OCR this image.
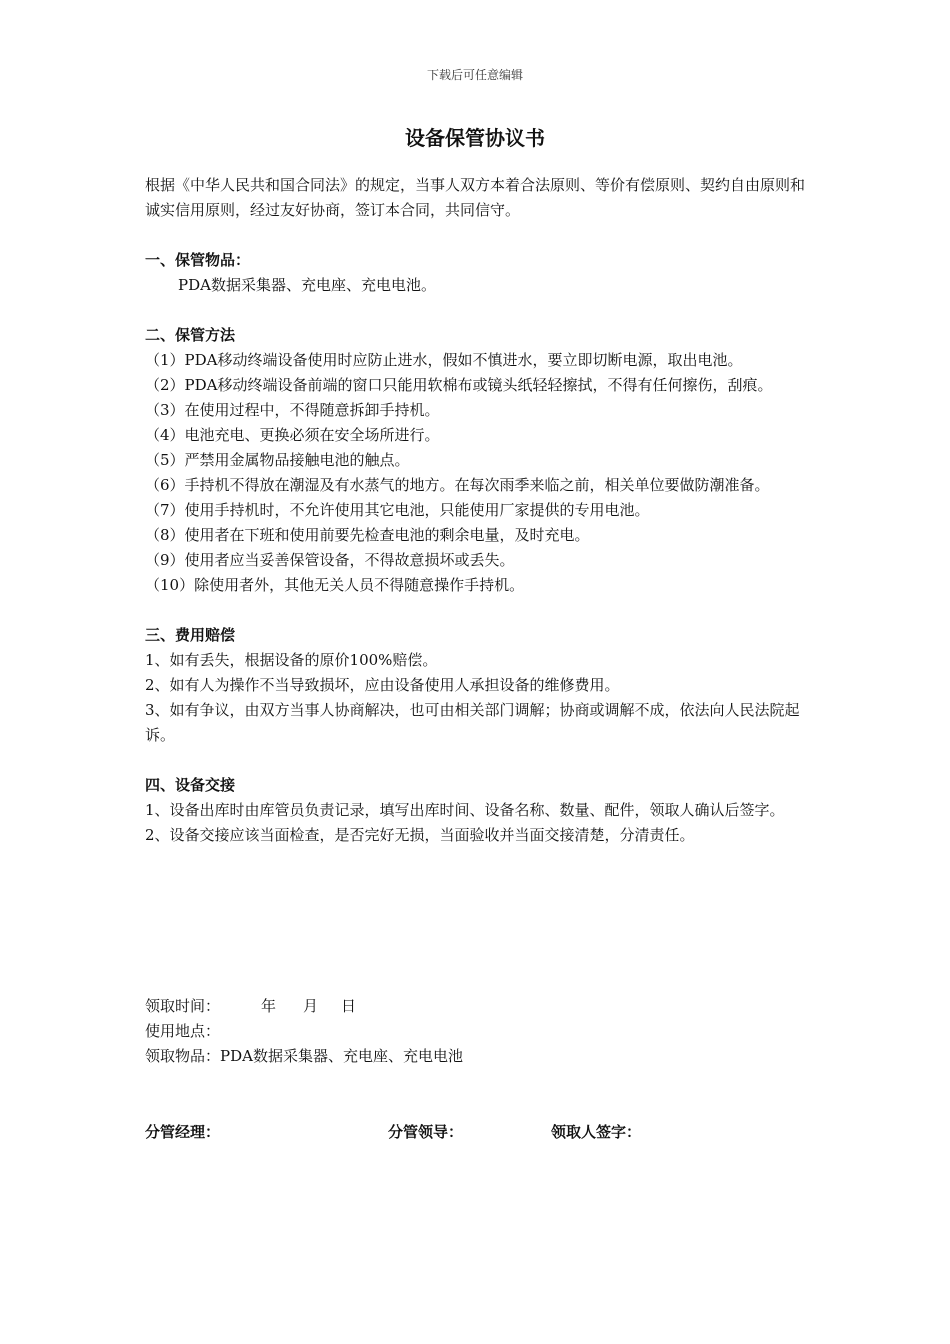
下载后可任意编辑
设备保管协议书

根据《中华人民共和国合同法》的规定，当事人双方本着合法原则、等价有偿原则、契约自由原则和诚实信用原则，经过友好协商，签订本合同，共同信守。

一、保管物品：

PDA数据采集器、充电座、充电电池。

二、保管方法

（1）PDA移动终端设备使用时应防止进水，假如不慎进水，要立即切断电源，取出电池。

（2）PDA移动终端设备前端的窗口只能用软棉布或镜头纸轻轻擦拭，不得有任何擦伤，刮痕。

（3）在使用过程中，不得随意拆卸手持机。

（4）电池充电、更换必须在安全场所进行。

（5）严禁用金属物品接触电池的触点。

（6）手持机不得放在潮湿及有水蒸气的地方。在每次雨季来临之前，相关单位要做防潮准备。

（7）使用手持机时，不允许使用其它电池，只能使用厂家提供的专用电池。

（8）使用者在下班和使用前要先检查电池的剩余电量，及时充电。

（9）使用者应当妥善保管设备，不得故意损坏或丢失。

（10）除使用者外，其他无关人员不得随意操作手持机。

三、费用赔偿

1、如有丢失，根据设备的原价100%赔偿。

2、如有人为操作不当导致损坏，应由设备使用人承担设备的维修费用。

3、如有争议，由双方当事人协商解决，也可由相关部门调解；协商或调解不成，依法向人民法院起诉。

四、设备交接

1、设备出库时由库管员负责记录，填写出库时间、设备名称、数量、配件，领取人确认后签字。

2、设备交接应该当面检查，是否完好无损，当面验收并当面交接清楚，分清责任。

领取时间：	年 月 日

使用地点：

领取物品：PDA数据采集器、充电座、充电电池

分管经理：	分管领导：	领取人签字：
